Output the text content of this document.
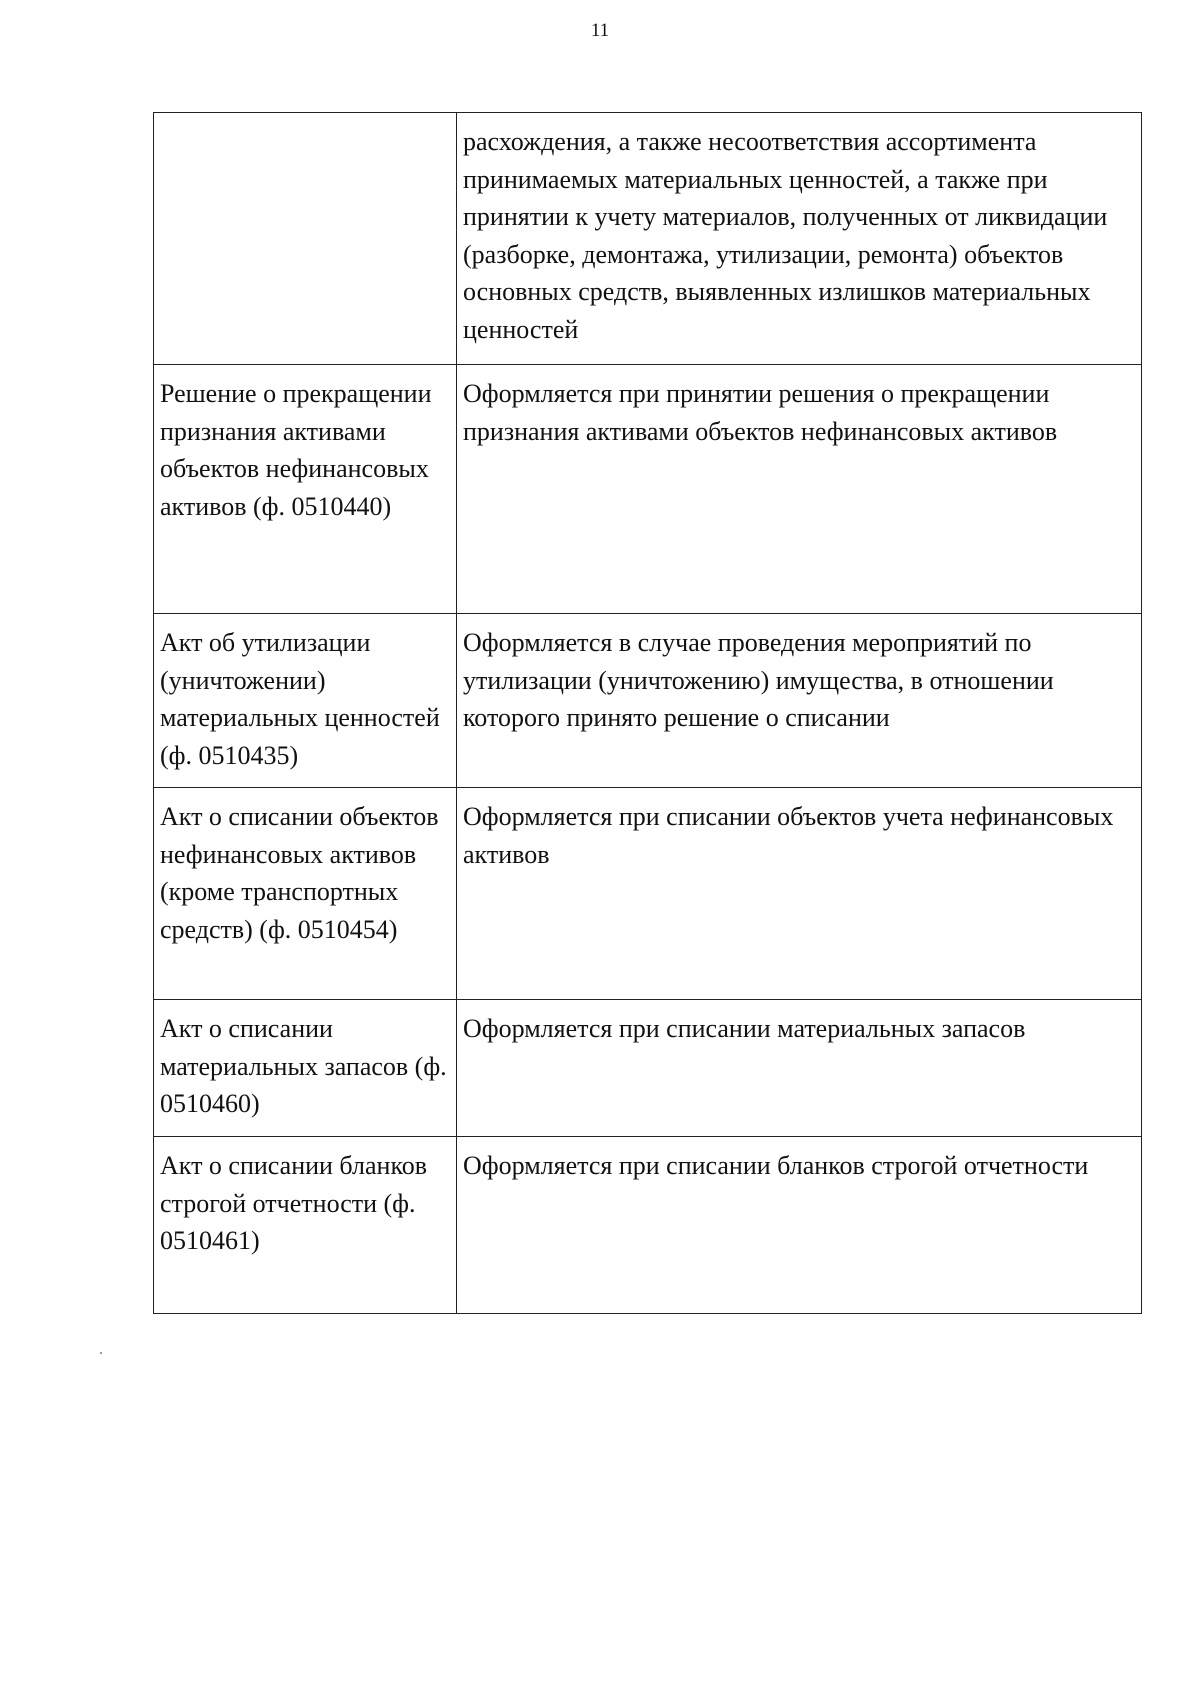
11
	расхождения, а также несоответствия ассортимента принимаемых материальных ценностей, а также при принятии к учету материалов, полученных от ликвидации (разборке, демонтажа, утилизации, ремонта) объектов основных средств, выявленных излишков материальных ценностей
Решение о прекращении признания активами объектов нефинансовых активов (ф. 0510440)	Оформляется при принятии решения о прекращении признания активами объектов нефинансовых активов
Акт об утилизации (уничтожении) материальных ценностей (ф. 0510435)	Оформляется в случае проведения мероприятий по утилизации (уничтожению) имущества, в отношении которого принято решение о списании
Акт о списании объектов нефинансовых активов (кроме транспортных средств) (ф. 0510454)	Оформляется при списании объектов учета нефинансовых активов
Акт о списании материальных запасов (ф. 0510460)	Оформляется при списании материальных запасов
Акт о списании бланков строгой отчетности (ф. 0510461)	Оформляется при списании бланков строгой отчетности
